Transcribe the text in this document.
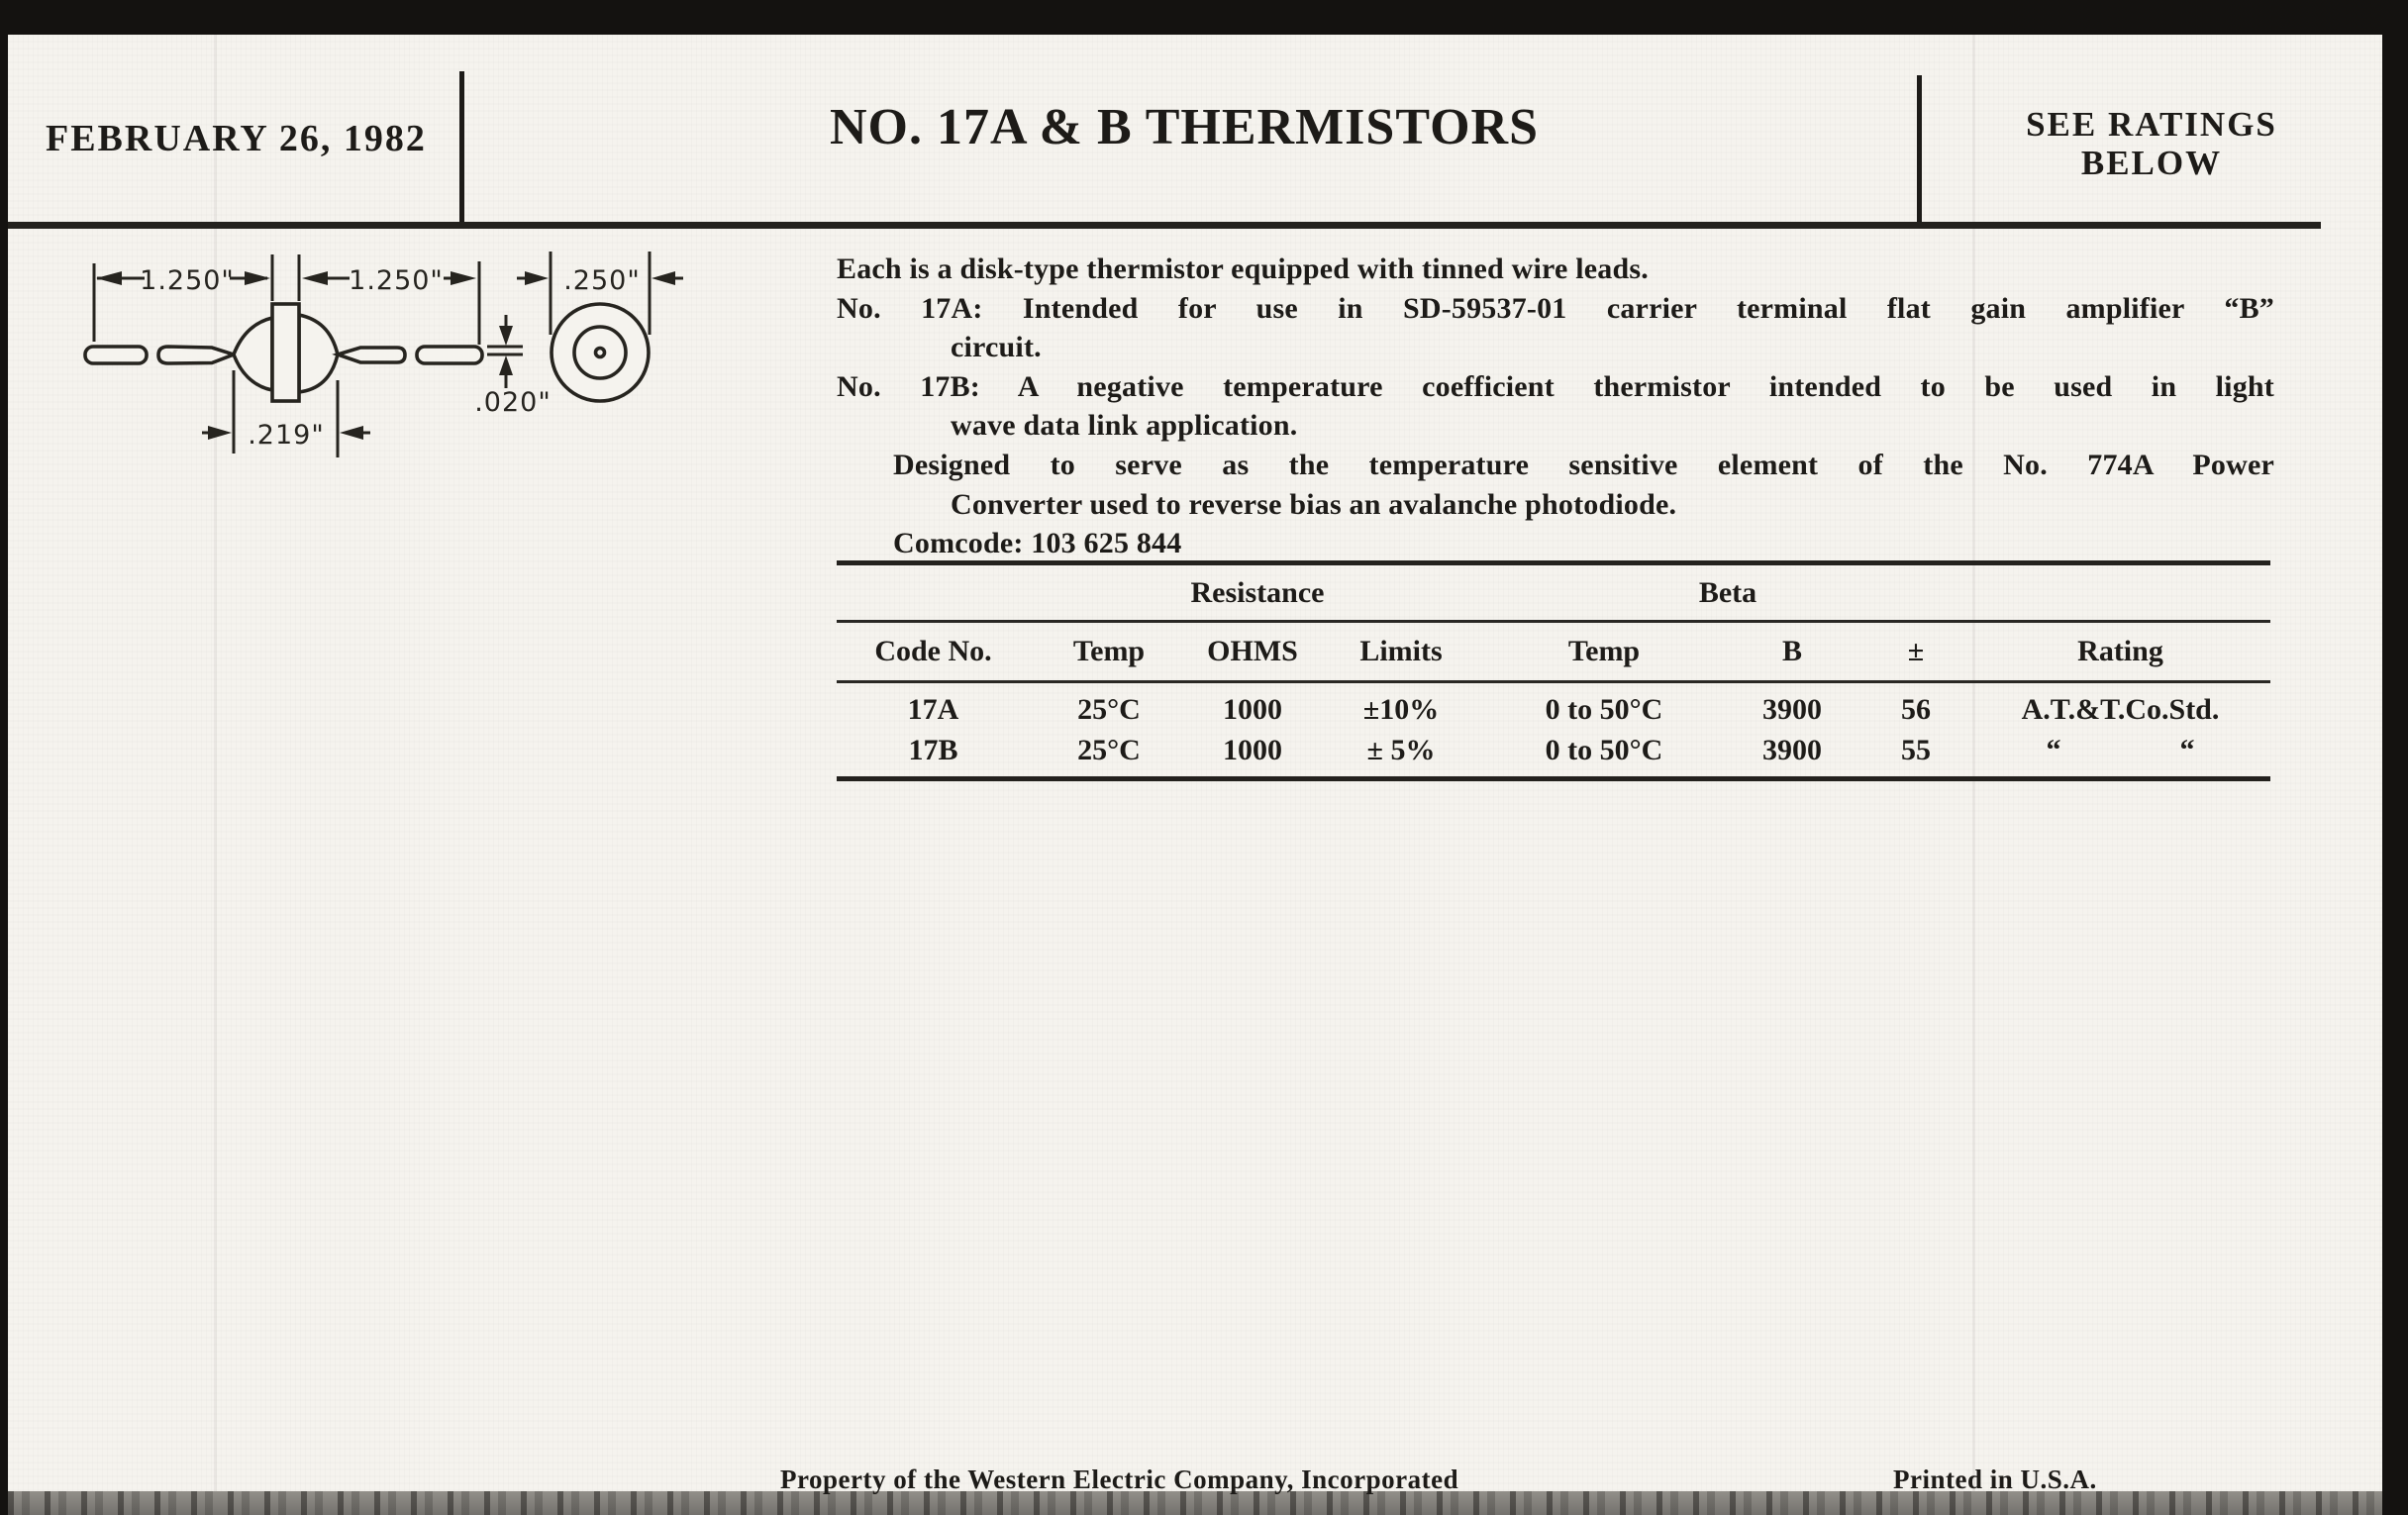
FEBRUARY 26, 1982	NO. 17A & B THERMISTORS	SEE RATINGS
BELOW
1.250"	1.250"
.219"
.020"
.250"	Each is a disk-type thermistor equipped with tinned wire leads.
No. 17A: Intended for use in SD-59537-01 carrier terminal flat gain amplifier “B”
circuit.
No. 17B: A negative temperature coefficient thermistor intended to be used in light
wave data link application.
Designed to serve as the temperature sensitive element of the No. 774A Power
Converter used to reverse bias an avalanche photodiode.
Comcode: 103 625 844
Resistance	Beta
Code No.	Temp	OHMS	Limits	Temp	B	±	Rating
17A	25°C	1000	±10%	0 to 50°C	3900	56	A.T.&T.Co.Std.
17B	25°C	1000	± 5%	0 to 50°C	3900	55	“                “
Property of the Western Electric Company, Incorporated	Printed in U.S.A.
